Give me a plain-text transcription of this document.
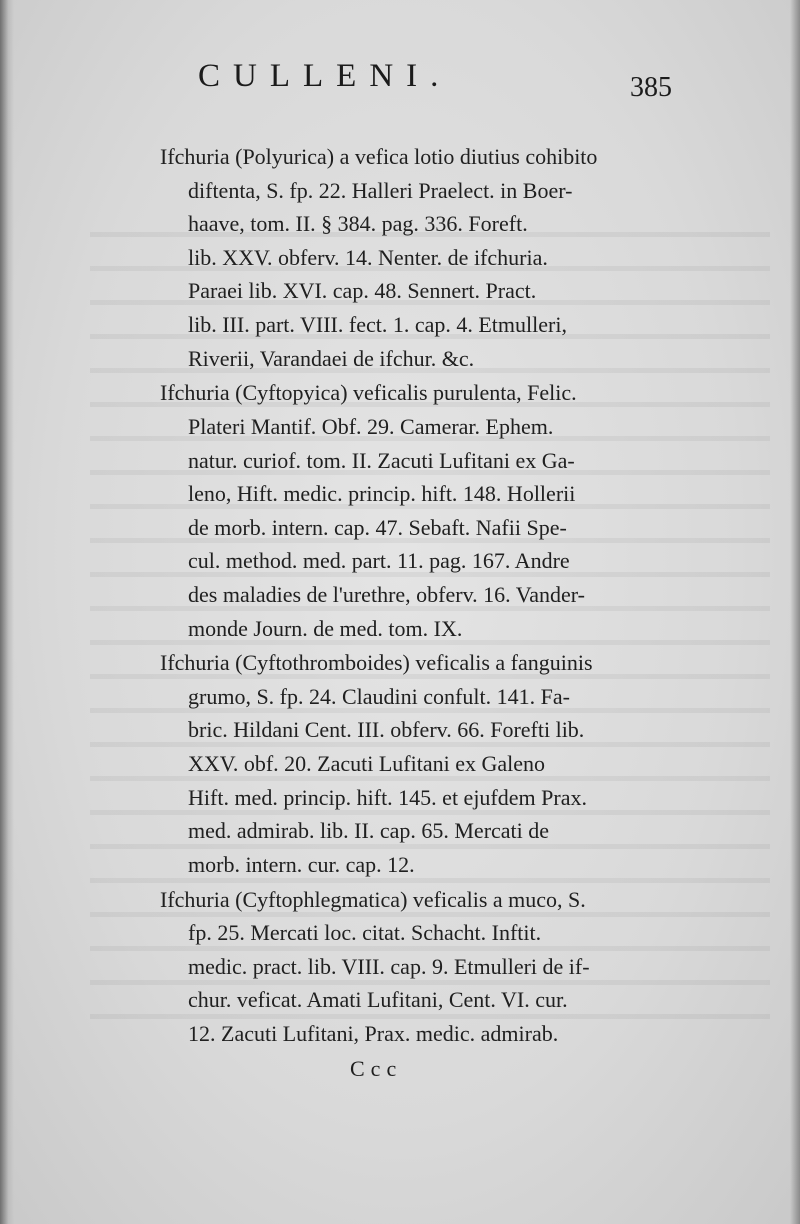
CULLENI.	385
Ifchuria (Polyurica) a vefica lotio diutius cohibito
diftenta, S. fp. 22. Halleri Praelect. in Boer-
haave, tom. II. § 384. pag. 336. Foreft.
lib. XXV. obferv. 14. Nenter. de ifchuria.
Paraei lib. XVI. cap. 48. Sennert. Pract.
lib. III. part. VIII. fect. 1. cap. 4. Etmulleri,
Riverii, Varandaei de ifchur. &c.
Ifchuria (Cyftopyica) veficalis purulenta, Felic.
Plateri Mantif. Obf. 29. Camerar. Ephem.
natur. curiof. tom. II. Zacuti Lufitani ex Ga-
leno, Hift. medic. princip. hift. 148. Hollerii
de morb. intern. cap. 47. Sebaft. Nafii Spe-
cul. method. med. part. 11. pag. 167. Andre
des maladies de l'urethre, obferv. 16. Vander-
monde Journ. de med. tom. IX.
Ifchuria (Cyftothromboides) veficalis a fanguinis
grumo, S. fp. 24. Claudini confult. 141. Fa-
bric. Hildani Cent. III. obferv. 66. Forefti lib.
XXV. obf. 20. Zacuti Lufitani ex Galeno
Hift. med. princip. hift. 145. et ejufdem Prax.
med. admirab. lib. II. cap. 65. Mercati de
morb. intern. cur. cap. 12.
Ifchuria (Cyftophlegmatica) veficalis a muco, S.
fp. 25. Mercati loc. citat. Schacht. Inftit.
medic. pract. lib. VIII. cap. 9. Etmulleri de if-
chur. veficat. Amati Lufitani, Cent. VI. cur.
12. Zacuti Lufitani, Prax. medic. admirab.
Ccc
